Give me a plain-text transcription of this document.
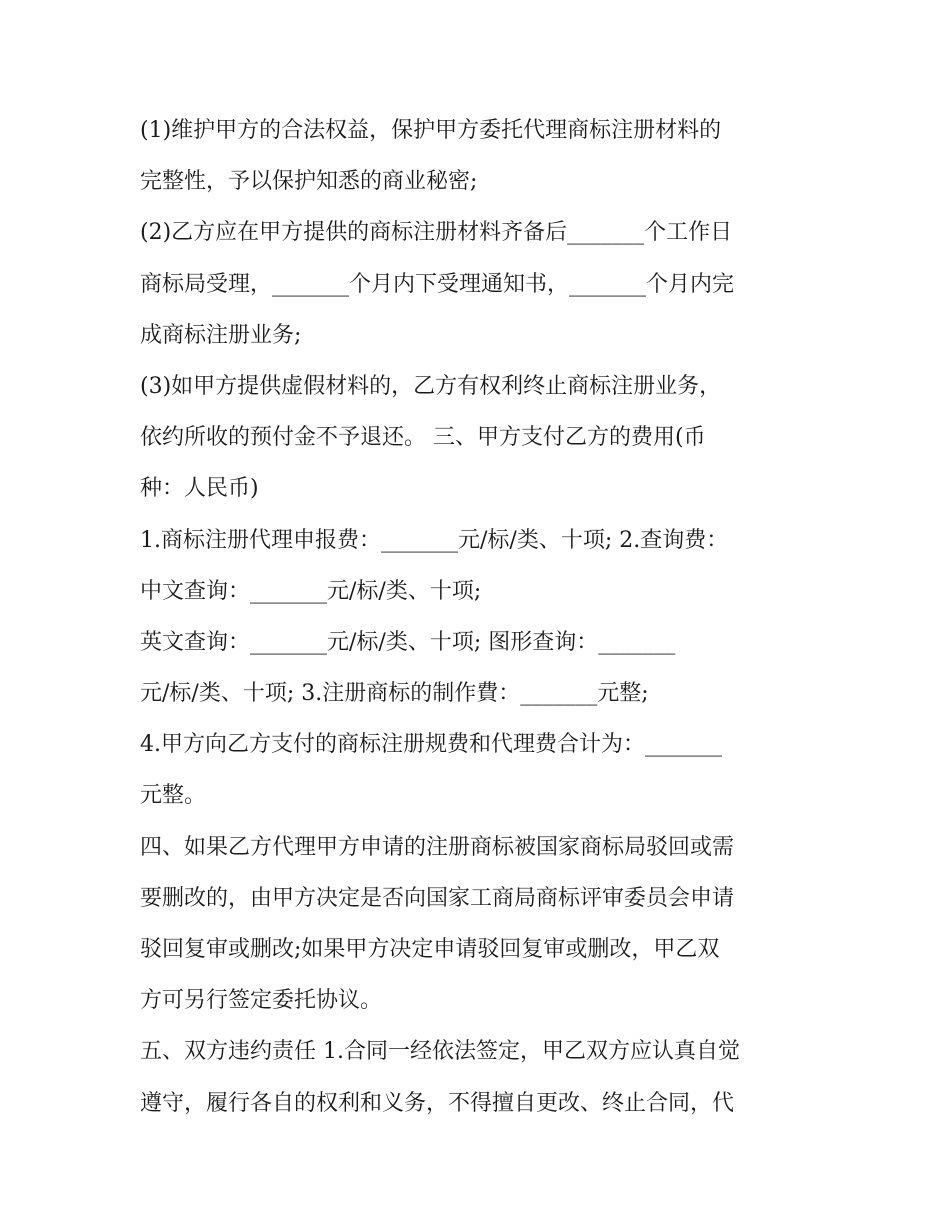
(1)维护甲方的合法权益，保护甲方委托代理商标注册材料的
完整性，予以保护知悉的商业秘密;
(2)乙方应在甲方提供的商标注册材料齐备后_______个工作日
商标局受理，_______个月内下受理通知书，_______个月内完
成商标注册业务;
(3)如甲方提供虚假材料的，乙方有权利终止商标注册业务，
依约所收的预付金不予退还。 三、甲方支付乙方的费用(币
种：人民币)
1.商标注册代理申报费：_______元/标/类、十项; 2.查询费：
中文查询：_______元/标/类、十项;
英文查询：_______元/标/类、十项; 图形查询：_______
元/标/类、十项; 3.注册商标的制作費：_______元整;
4.甲方向乙方支付的商标注册规费和代理费合计为：_______
元整。
四、如果乙方代理甲方申请的注册商标被国家商标局驳回或需
要删改的，由甲方决定是否向国家工商局商标评审委员会申请
驳回复审或删改;如果甲方决定申请驳回复审或删改，甲乙双
方可另行签定委托协议。
五、双方违约责任 1.合同一经依法签定，甲乙双方应认真自觉
遵守，履行各自的权利和义务，不得擅自更改、终止合同，代
